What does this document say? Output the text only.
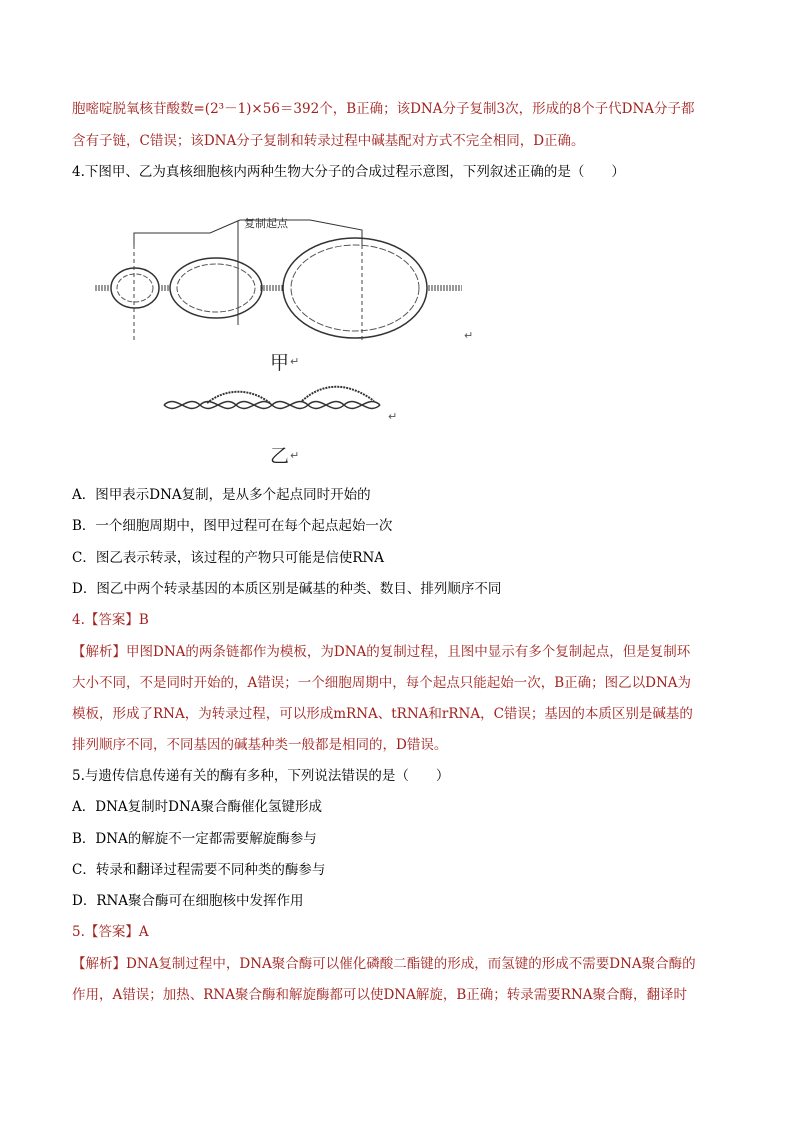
胞嘧啶脱氧核苷酸数=(2³－1)×56＝392个，B正确；该DNA分子复制3次，形成的8个子代DNA分子都
含有子链，C错误；该DNA分子复制和转录过程中碱基配对方式不完全相同，D正确。
4.下图甲、乙为真核细胞核内两种生物大分子的合成过程示意图，下列叙述正确的是（　　）
复制起点
↵
↵
甲 ↵
乙 ↵
A．图甲表示DNA复制，是从多个起点同时开始的
B．一个细胞周期中，图甲过程可在每个起点起始一次
C．图乙表示转录，该过程的产物只可能是信使RNA
D．图乙中两个转录基因的本质区别是碱基的种类、数目、排列顺序不同
4.【答案】B
【解析】甲图DNA的两条链都作为模板，为DNA的复制过程，且图中显示有多个复制起点，但是复制环
大小不同，不是同时开始的，A错误；一个细胞周期中，每个起点只能起始一次，B正确；图乙以DNA为
模板，形成了RNA，为转录过程，可以形成mRNA、tRNA和rRNA，C错误；基因的本质区别是碱基的
排列顺序不同，不同基因的碱基种类一般都是相同的，D错误。
5.与遗传信息传递有关的酶有多种，下列说法错误的是（　　）
A．DNA复制时DNA聚合酶催化氢键形成
B．DNA的解旋不一定都需要解旋酶参与
C．转录和翻译过程需要不同种类的酶参与
D．RNA聚合酶可在细胞核中发挥作用
5.【答案】A
【解析】DNA复制过程中，DNA聚合酶可以催化磷酸二酯键的形成，而氢键的形成不需要DNA聚合酶的
作用，A错误；加热、RNA聚合酶和解旋酶都可以使DNA解旋，B正确；转录需要RNA聚合酶，翻译时
